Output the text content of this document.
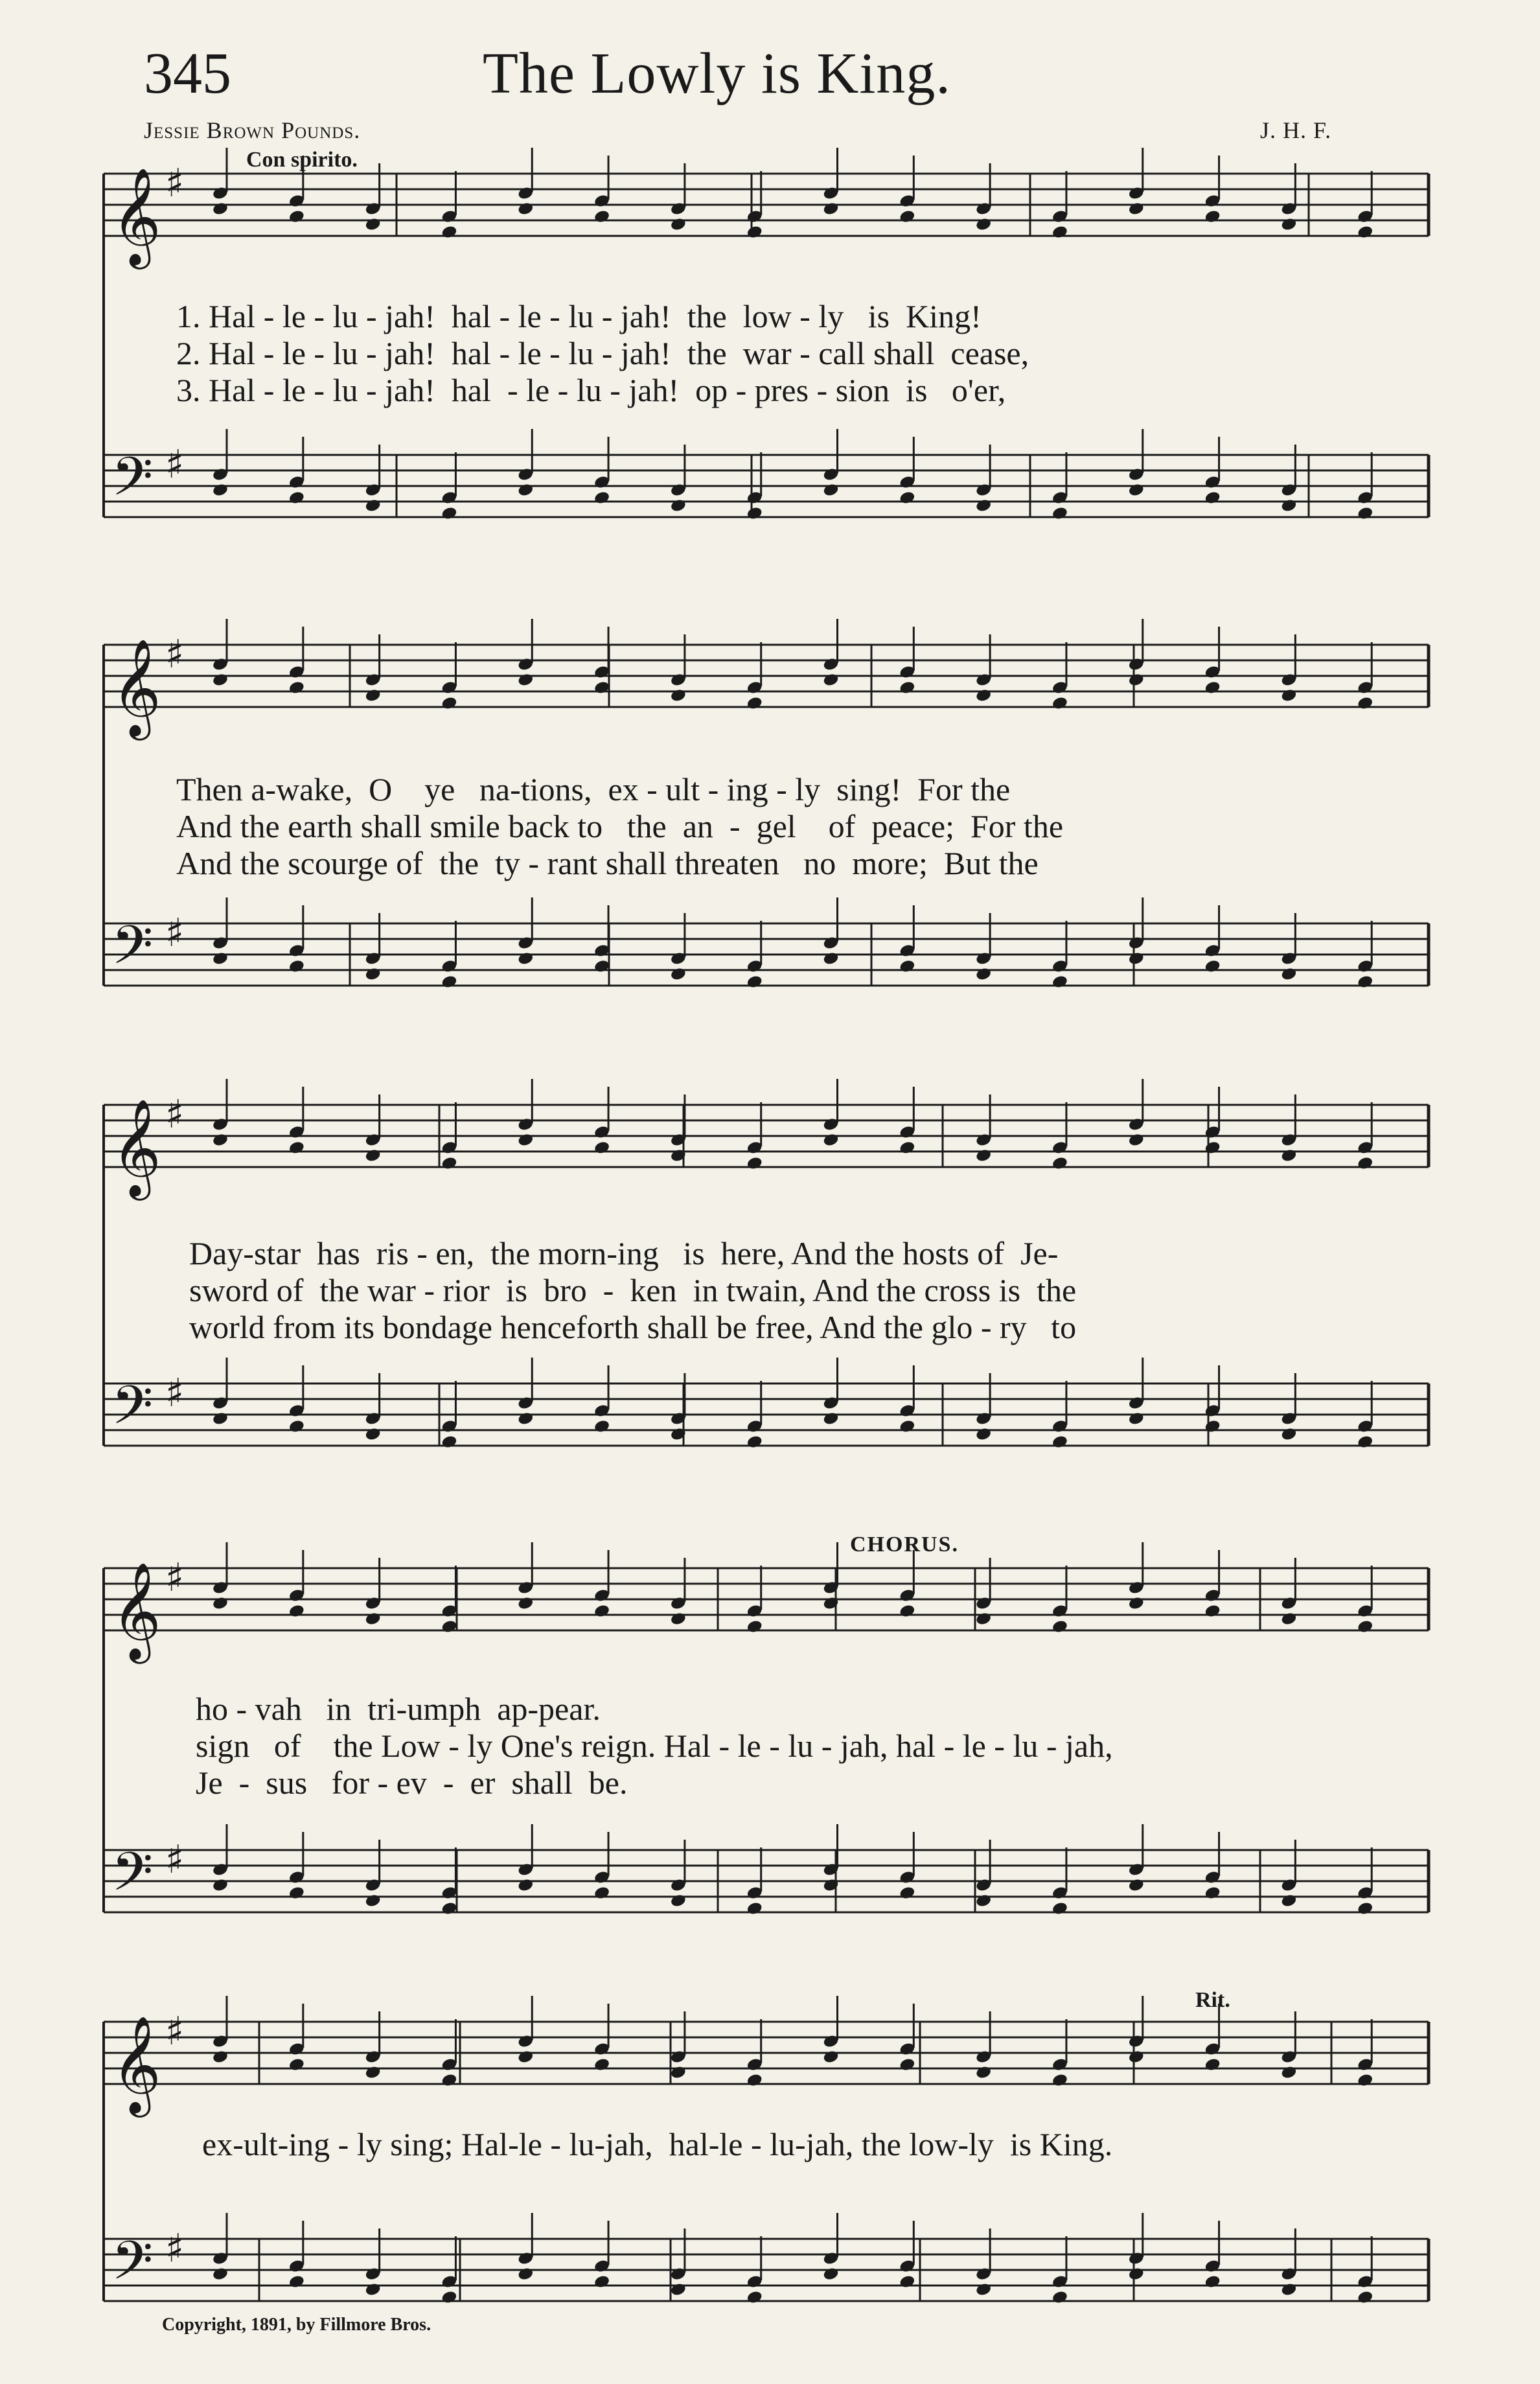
345	The Lowly is King.
Jessie Brown Pounds.	J. H. F.
Con spirito.
CHORUS.
Rit.
Copyright, 1891, by Fillmore Bros.
1. Hal - le - lu - jah!  hal - le - lu - jah!  the  low - ly   is  King!
2. Hal - le - lu - jah!  hal - le - lu - jah!  the  war - call shall  cease,
3. Hal - le - lu - jah!  hal  - le - lu - jah!  op - pres - sion  is   o'er,
Then a-wake,  O    ye   na-tions,  ex - ult - ing - ly  sing!  For the
And the earth shall smile back to   the  an  -  gel    of  peace;  For the
And the scourge of  the  ty - rant shall threaten   no  more;  But the
Day-star  has  ris - en,  the morn-ing   is  here, And the hosts of  Je-
sword of  the war - rior  is  bro  -  ken  in twain, And the cross is  the
world from its bondage henceforth shall be free, And the glo - ry   to
ho - vah   in  tri-umph  ap-pear.
sign   of    the Low - ly One's reign. Hal - le - lu - jah, hal - le - lu - jah,
Je  -  sus   for - ev  -  er  shall  be.
ex-ult-ing - ly sing; Hal-le - lu-jah,  hal-le - lu-jah, the low-ly  is King.
𝄞 ♯
𝄢 ♯
𝄞 ♯
𝄢 ♯
𝄞 ♯
𝄢 ♯
𝄞 ♯
𝄢 ♯
𝄞 ♯
𝄢 ♯
